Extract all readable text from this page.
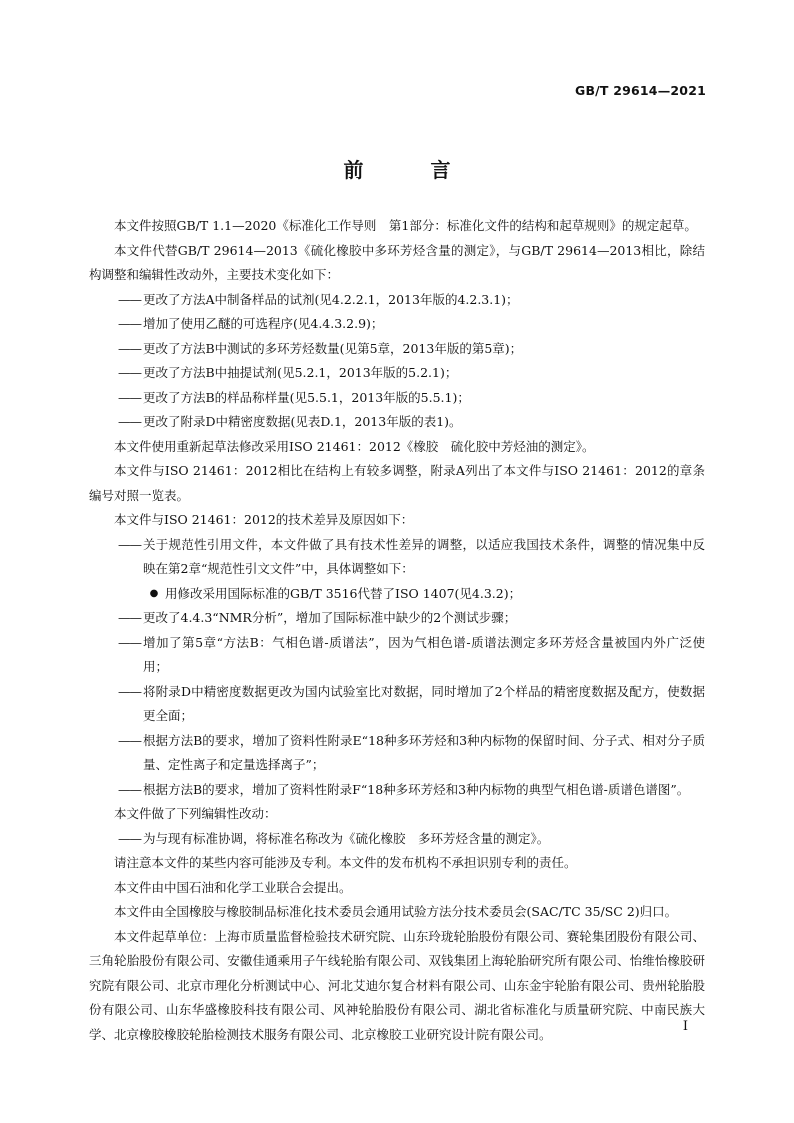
GB/T 29614—2021
前 言

本文件按照GB/T 1.1—2020《标准化工作导则　第1部分：标准化文件的结构和起草规则》的规定起草。

本文件代替GB/T 29614—2013《硫化橡胶中多环芳烃含量的测定》，与GB/T 29614—2013相比，除结构调整和编辑性改动外，主要技术变化如下：

—— 更改了方法A中制备样品的试剂(见4.2.2.1，2013年版的4.2.3.1)；
—— 增加了使用乙醚的可选程序(见4.4.3.2.9)；
—— 更改了方法B中测试的多环芳烃数量(见第5章，2013年版的第5章)；
—— 更改了方法B中抽提试剂(见5.2.1，2013年版的5.2.1)；
—— 更改了方法B的样品称样量(见5.5.1，2013年版的5.5.1)；
—— 更改了附录D中精密度数据(见表D.1，2013年版的表1)。

本文件使用重新起草法修改采用ISO 21461：2012《橡胶　硫化胶中芳烃油的测定》。

本文件与ISO 21461：2012相比在结构上有较多调整，附录A列出了本文件与ISO 21461：2012的章条编号对照一览表。

本文件与ISO 21461：2012的技术差异及原因如下：

—— 关于规范性引用文件，本文件做了具有技术性差异的调整，以适应我国技术条件，调整的情况集中反映在第2章“规范性引文文件”中，具体调整如下：
● 用修改采用国际标准的GB/T 3516代替了ISO 1407(见4.3.2)；
—— 更改了4.4.3“NMR分析”，增加了国际标准中缺少的2个测试步骤；
—— 增加了第5章“方法B：气相色谱-质谱法”，因为气相色谱-质谱法测定多环芳烃含量被国内外广泛使用；
—— 将附录D中精密度数据更改为国内试验室比对数据，同时增加了2个样品的精密度数据及配方，使数据更全面；
—— 根据方法B的要求，增加了资料性附录E“18种多环芳烃和3种内标物的保留时间、分子式、相对分子质量、定性离子和定量选择离子”；
—— 根据方法B的要求，增加了资料性附录F“18种多环芳烃和3种内标物的典型气相色谱-质谱色谱图”。

本文件做了下列编辑性改动：

—— 为与现有标准协调，将标准名称改为《硫化橡胶　多环芳烃含量的测定》。

请注意本文件的某些内容可能涉及专利。本文件的发布机构不承担识别专利的责任。

本文件由中国石油和化学工业联合会提出。

本文件由全国橡胶与橡胶制品标准化技术委员会通用试验方法分技术委员会(SAC/TC 35/SC 2)归口。

本文件起草单位：上海市质量监督检验技术研究院、山东玲珑轮胎股份有限公司、赛轮集团股份有限公司、三角轮胎股份有限公司、安徽佳通乘用子午线轮胎有限公司、双钱集团上海轮胎研究所有限公司、怡维怡橡胶研究院有限公司、北京市理化分析测试中心、河北艾迪尔复合材料有限公司、山东金宇轮胎有限公司、贵州轮胎股份有限公司、山东华盛橡胶科技有限公司、风神轮胎股份有限公司、湖北省标准化与质量研究院、中南民族大学、北京橡胶橡胶轮胎检测技术服务有限公司、北京橡胶工业研究设计院有限公司。	I
